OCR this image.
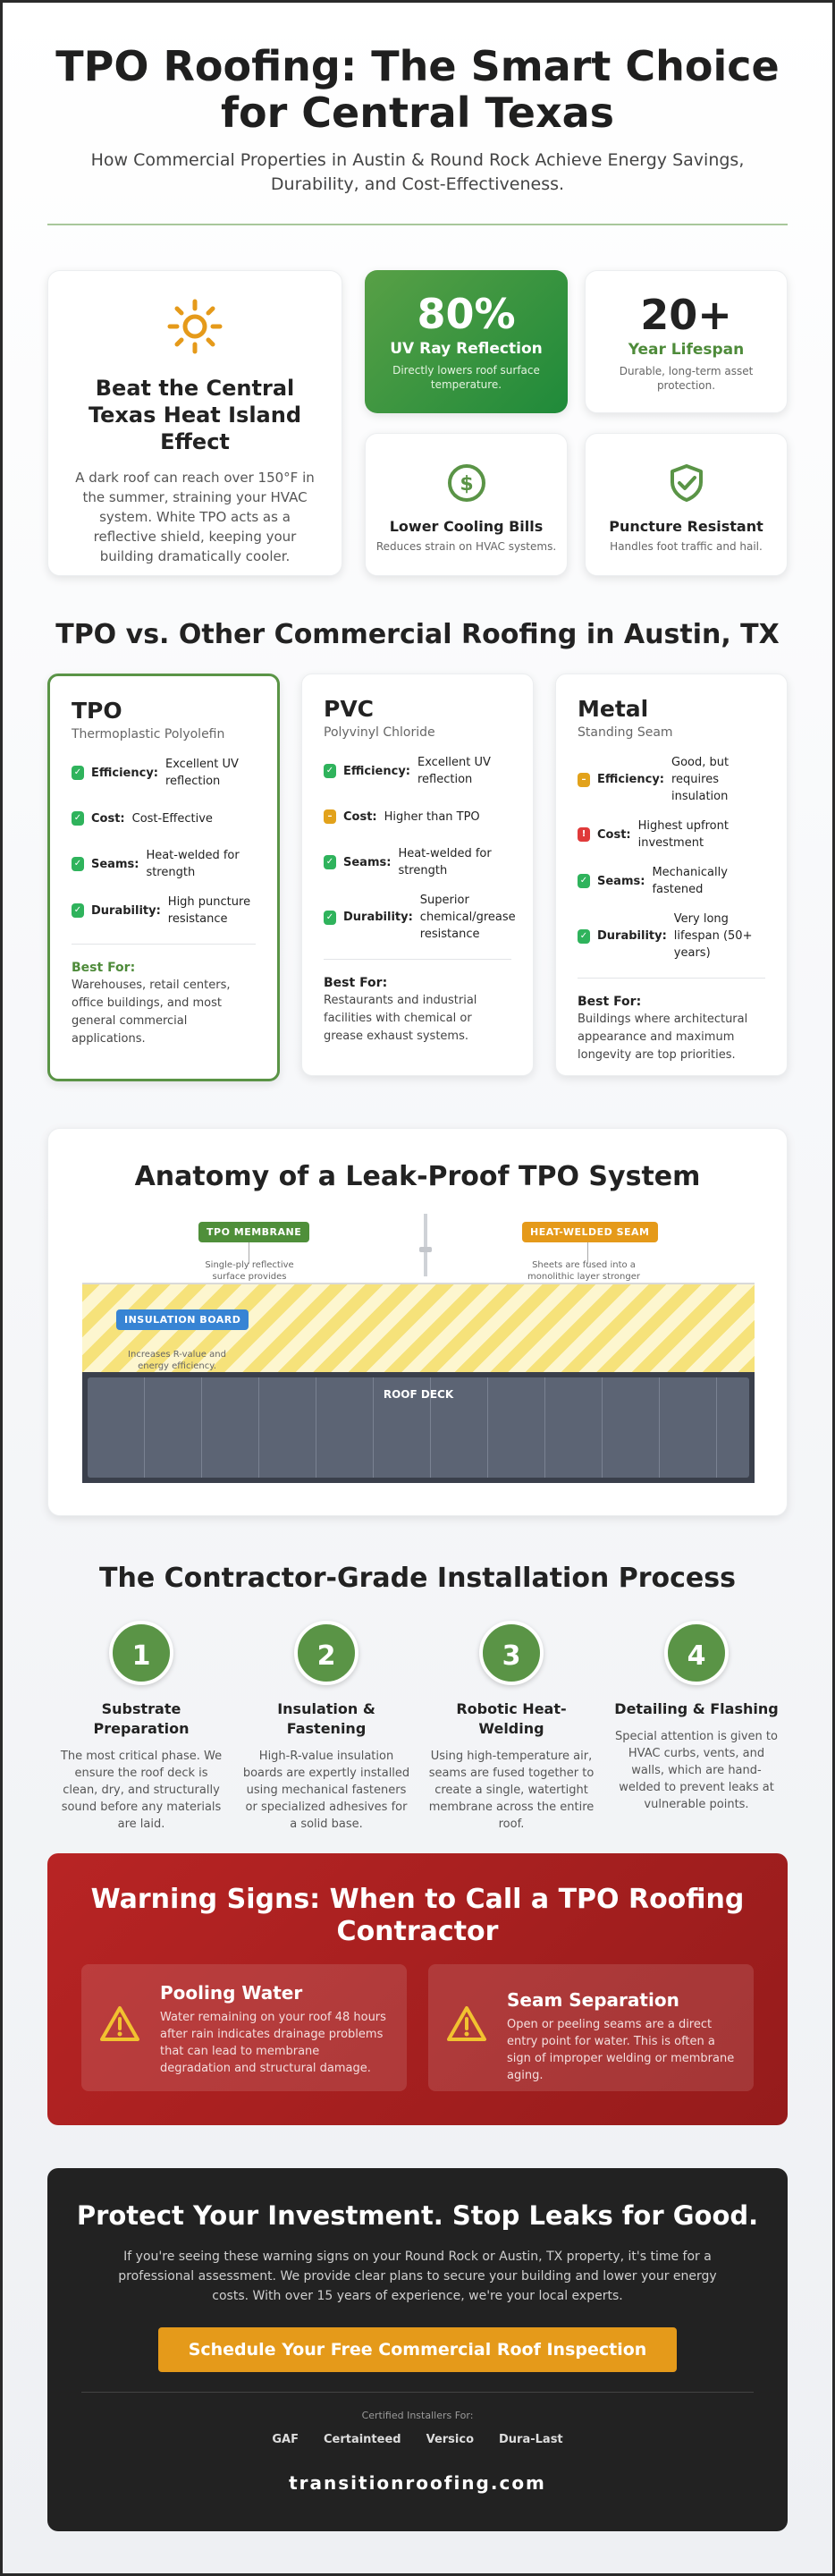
TPO Roofing: The Smart Choice for Central Texas

How Commercial Properties in Austin & Round Rock Achieve Energy Savings, Durability, and Cost-Effectiveness.

Beat the Central Texas Heat Island Effect

A dark roof can reach over 150°F in the summer, straining your HVAC system. White TPO acts as a reflective shield, keeping your building dramatically cooler.

80%
UV Ray Reflection
Directly lowers roof surface temperature.
20+
Year Lifespan
Durable, long-term asset protection.
$
Lower Cooling Bills
Reduces strain on HVAC systems.
Puncture Resistant
Handles foot traffic and hail.
TPO vs. Other Commercial Roofing in Austin, TX
TPO
Thermoplastic Polyolefin
✓ Efficiency:
Excellent UV reflection
✓ Cost: Cost-Effective
✓ Seams:
Heat-welded for strength
✓ Durability:
High puncture resistance
Best For:
Warehouses, retail centers, office buildings, and most general commercial applications.
PVC
Polyvinyl Chloride
✓ Efficiency:
Excellent UV reflection
– Cost: Higher than TPO
✓ Seams:
Heat-welded for strength
✓ Durability:
Superior chemical/grease resistance
Best For:
Restaurants and industrial facilities with chemical or grease exhaust systems.
Metal
Standing Seam
– Efficiency:
Good, but requires insulation
! Cost:
Highest upfront investment
✓ Seams:
Mechanically fastened
✓ Durability:
Very long lifespan (50+ years)
Best For:
Buildings where architectural appearance and maximum longevity are top priorities.
Anatomy of a Leak-Proof TPO System
TPO MEMBRANE
Single-ply reflective surface provides
HEAT-WELDED SEAM
Sheets are fused into a monolithic layer stronger
INSULATION BOARD
Increases R-value and energy efficiency.
ROOF DECK
The Contractor-Grade Installation Process
1
Substrate Preparation
The most critical phase. We ensure the roof deck is clean, dry, and structurally sound before any materials are laid.
2
Insulation & Fastening
High-R-value insulation boards are expertly installed using mechanical fasteners or specialized adhesives for a solid base.
3
Robotic Heat-Welding
Using high-temperature air, seams are fused together to create a single, watertight membrane across the entire roof.
4
Detailing & Flashing
Special attention is given to HVAC curbs, vents, and walls, which are hand-welded to prevent leaks at vulnerable points.
Warning Signs: When to Call a TPO Roofing Contractor
Pooling Water
Water remaining on your roof 48 hours after rain indicates drainage problems that can lead to membrane degradation and structural damage.
Seam Separation
Open or peeling seams are a direct entry point for water. This is often a sign of improper welding or membrane aging.
Protect Your Investment. Stop Leaks for Good.

If you're seeing these warning signs on your Round Rock or Austin, TX property, it's time for a professional assessment. We provide clear plans to secure your building and lower your energy costs. With over 15 years of experience, we're your local experts.

Schedule Your Free Commercial Roof Inspection
Certified Installers For:
GAF Certainteed Versico Dura-Last
transitionroofing.com
